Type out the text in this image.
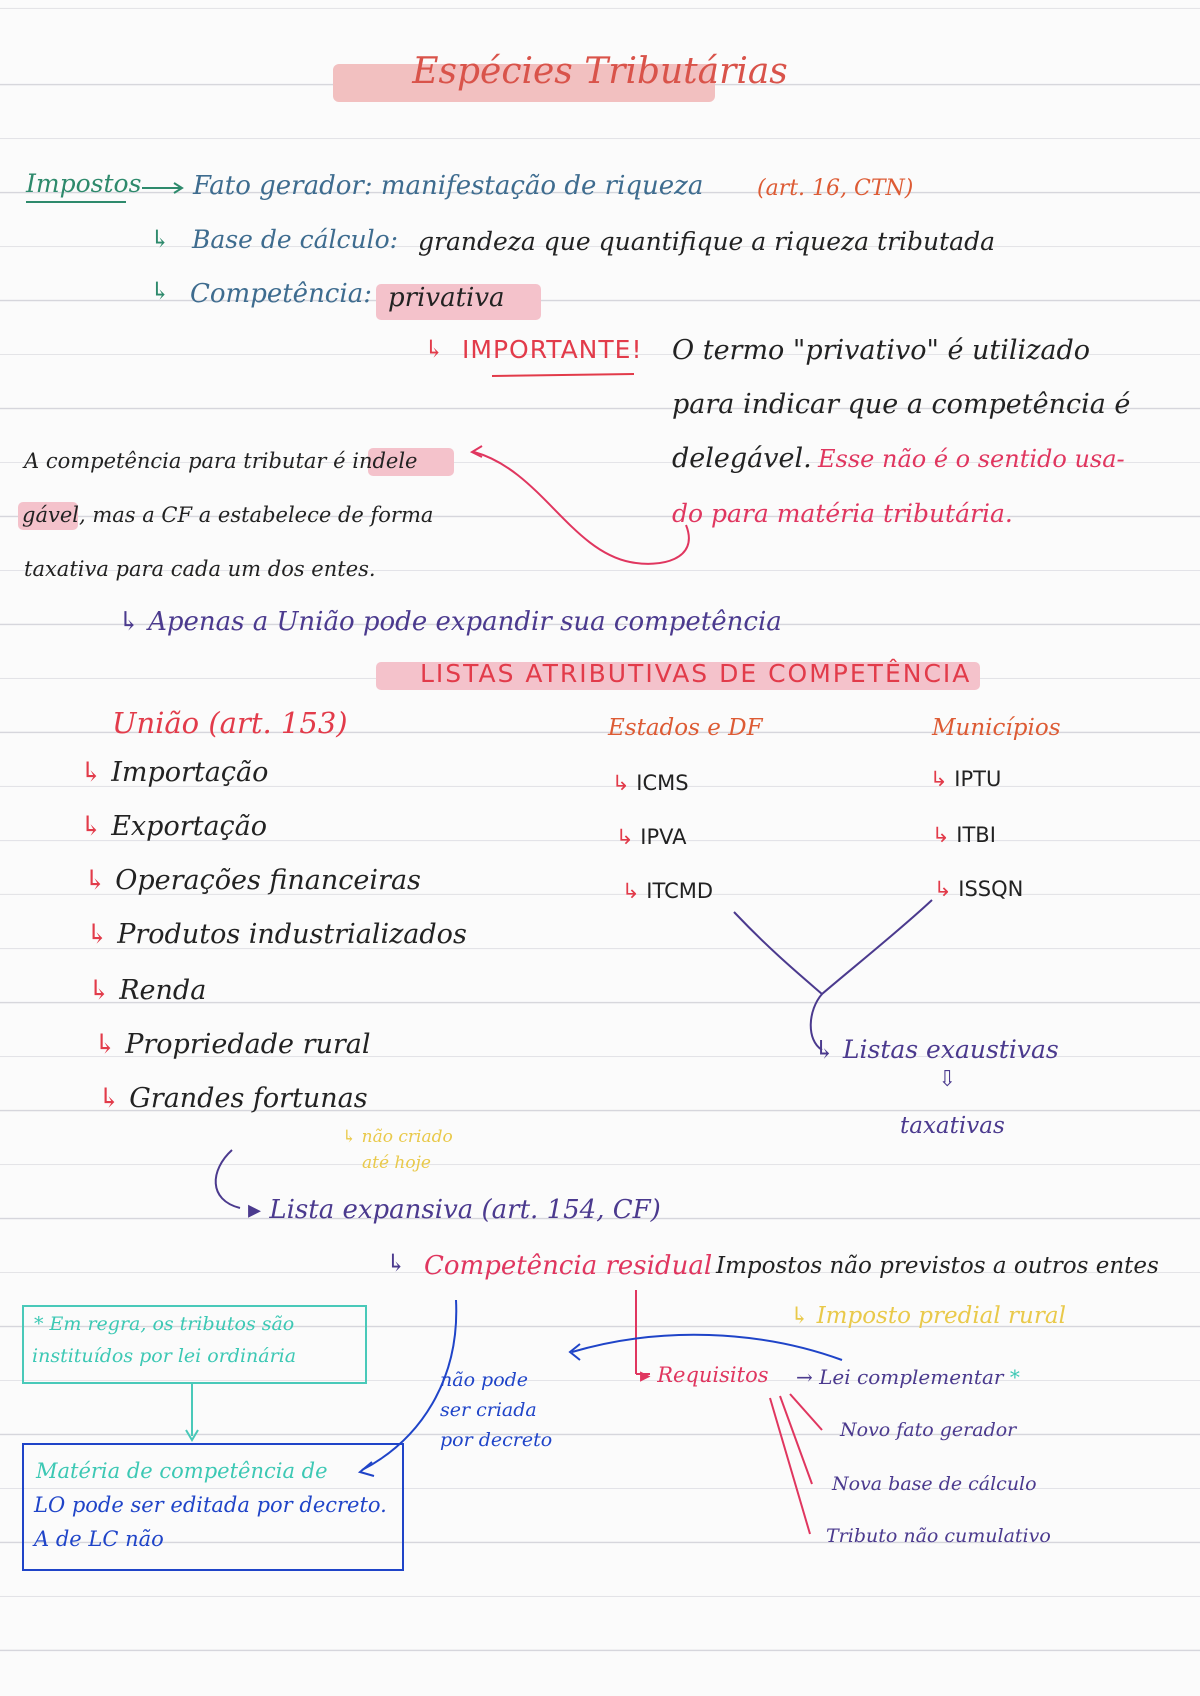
Espécies Tributárias
Impostos Fato gerador: manifestação de riqueza (art. 16, CTN)
↳ Base de cálculo: grandeza que quantifique a riqueza tributada
↳ Competência: privativa
↳ IMPORTANTE! O termo "privativo" é utilizado
para indicar que a competência é
delegável. Esse não é o sentido usa-
do para matéria tributária.
A competência para tributar é indele
gável, mas a CF a estabelece de forma
taxativa para cada um dos entes.
↳ Apenas a União pode expandir sua competência
LISTAS ATRIBUTIVAS DE COMPETÊNCIA
União (art. 153)
↳ Importação
↳ Exportação
↳ Operações financeiras
↳ Produtos industrializados
↳ Renda
↳ Propriedade rural
↳ Grandes fortunas
↳ não criado
até hoje
Estados e DF
↳ ICMS
↳ IPVA
↳ ITCMD
Municípios
↳ IPTU
↳ ITBI
↳ ISSQN
↳ Listas exaustivas
⇩
taxativas
▸ Lista expansiva (art. 154, CF)
↳ Competência residual Impostos não previstos a outros entes
↳ Imposto predial rural
▸ Requisitos → Lei complementar *
Novo fato gerador
Nova base de cálculo
Tributo não cumulativo
não pode
ser criada
por decreto
* Em regra, os tributos são
instituídos por lei ordinária
Matéria de competência de
LO pode ser editada por decreto.
A de LC não
